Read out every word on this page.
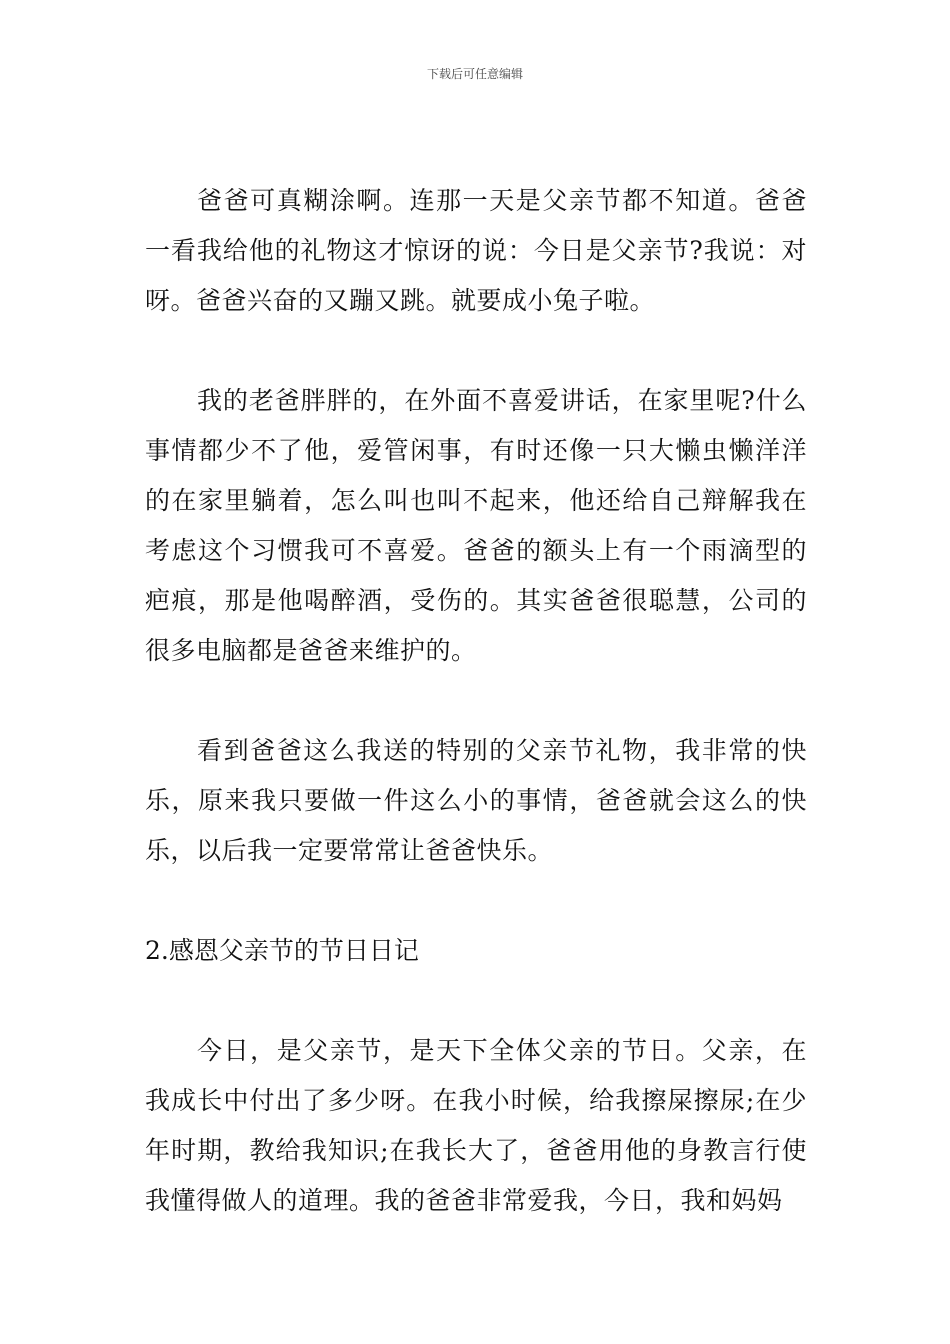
下载后可任意编辑

爸爸可真糊涂啊。连那一天是父亲节都不知道。爸爸一看我给他的礼物这才惊讶的说：今日是父亲节?我说：对呀。爸爸兴奋的又蹦又跳。就要成小兔子啦。

我的老爸胖胖的，在外面不喜爱讲话，在家里呢?什么事情都少不了他，爱管闲事，有时还像一只大懒虫懒洋洋的在家里躺着，怎么叫也叫不起来，他还给自己辩解我在考虑这个习惯我可不喜爱。爸爸的额头上有一个雨滴型的疤痕，那是他喝醉酒，受伤的。其实爸爸很聪慧，公司的很多电脑都是爸爸来维护的。

看到爸爸这么我送的特别的父亲节礼物，我非常的快乐，原来我只要做一件这么小的事情，爸爸就会这么的快乐，以后我一定要常常让爸爸快乐。

2.感恩父亲节的节日日记

今日，是父亲节，是天下全体父亲的节日。父亲，在我成长中付出了多少呀。在我小时候，给我擦屎擦尿;在少年时期，教给我知识;在我长大了，爸爸用他的身教言行使我懂得做人的道理。我的爸爸非常爱我，今日，我和妈妈
